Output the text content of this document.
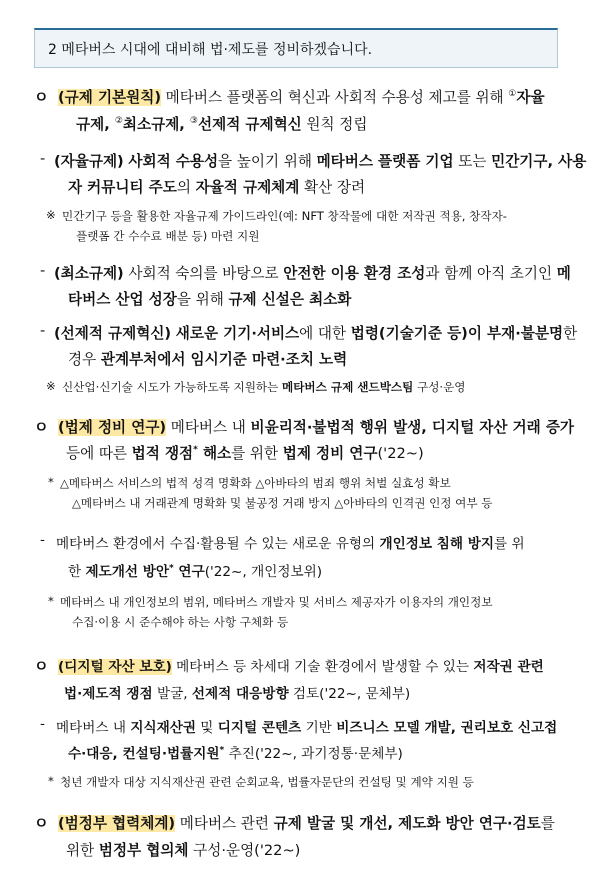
2 메타버스 시대에 대비해 법·제도를 정비하겠습니다.
ㅇ (규제 기본원칙) 메타버스 플랫폼의 혁신과 사회적 수용성 제고를 위해 ①자율
규제, ②최소규제, ③선제적 규제혁신 원칙 정립
- (자율규제) 사회적 수용성을 높이기 위해 메타버스 플랫폼 기업 또는 민간기구, 사용
자 커뮤니티 주도의 자율적 규제체계 확산 장려
※ 민간기구 등을 활용한 자율규제 가이드라인(예: NFT 창작물에 대한 저작권 적용, 창작자-
플랫폼 간 수수료 배분 등) 마련 지원
- (최소규제) 사회적 숙의를 바탕으로 안전한 이용 환경 조성과 함께 아직 초기인 메
타버스 산업 성장을 위해 규제 신설은 최소화
- (선제적 규제혁신) 새로운 기기·서비스에 대한 법령(기술기준 등)이 부재·불분명한
경우 관계부처에서 임시기준 마련·조치 노력
※ 신산업·신기술 시도가 가능하도록 지원하는 메타버스 규제 샌드박스팀 구성·운영
ㅇ (법제 정비 연구) 메타버스 내 비윤리적·불법적 행위 발생, 디지털 자산 거래 증가
등에 따른 법적 쟁점* 해소를 위한 법제 정비 연구('22~)
* △메타버스 서비스의 법적 성격 명확화 △아바타의 범죄 행위 처벌 실효성 확보
△메타버스 내 거래관계 명확화 및 불공정 거래 방지 △아바타의 인격권 인정 여부 등
- 메타버스 환경에서 수집·활용될 수 있는 새로운 유형의 개인정보 침해 방지를 위
한 제도개선 방안* 연구('22~, 개인정보위)
* 메타버스 내 개인정보의 범위, 메타버스 개발자 및 서비스 제공자가 이용자의 개인정보
수집·이용 시 준수해야 하는 사항 구체화 등
ㅇ (디지털 자산 보호) 메타버스 등 차세대 기술 환경에서 발생할 수 있는 저작권 관련
법·제도적 쟁점 발굴, 선제적 대응방향 검토('22~, 문체부)
- 메타버스 내 지식재산권 및 디지털 콘텐츠 기반 비즈니스 모델 개발, 권리보호 신고접
수·대응, 컨설팅·법률지원* 추진('22~, 과기정통·문체부)
* 청년 개발자 대상 지식재산권 관련 순회교육, 법률자문단의 컨설팅 및 계약 지원 등
ㅇ (범정부 협력체계) 메타버스 관련 규제 발굴 및 개선, 제도화 방안 연구·검토를
위한 범정부 협의체 구성·운영('22~)
